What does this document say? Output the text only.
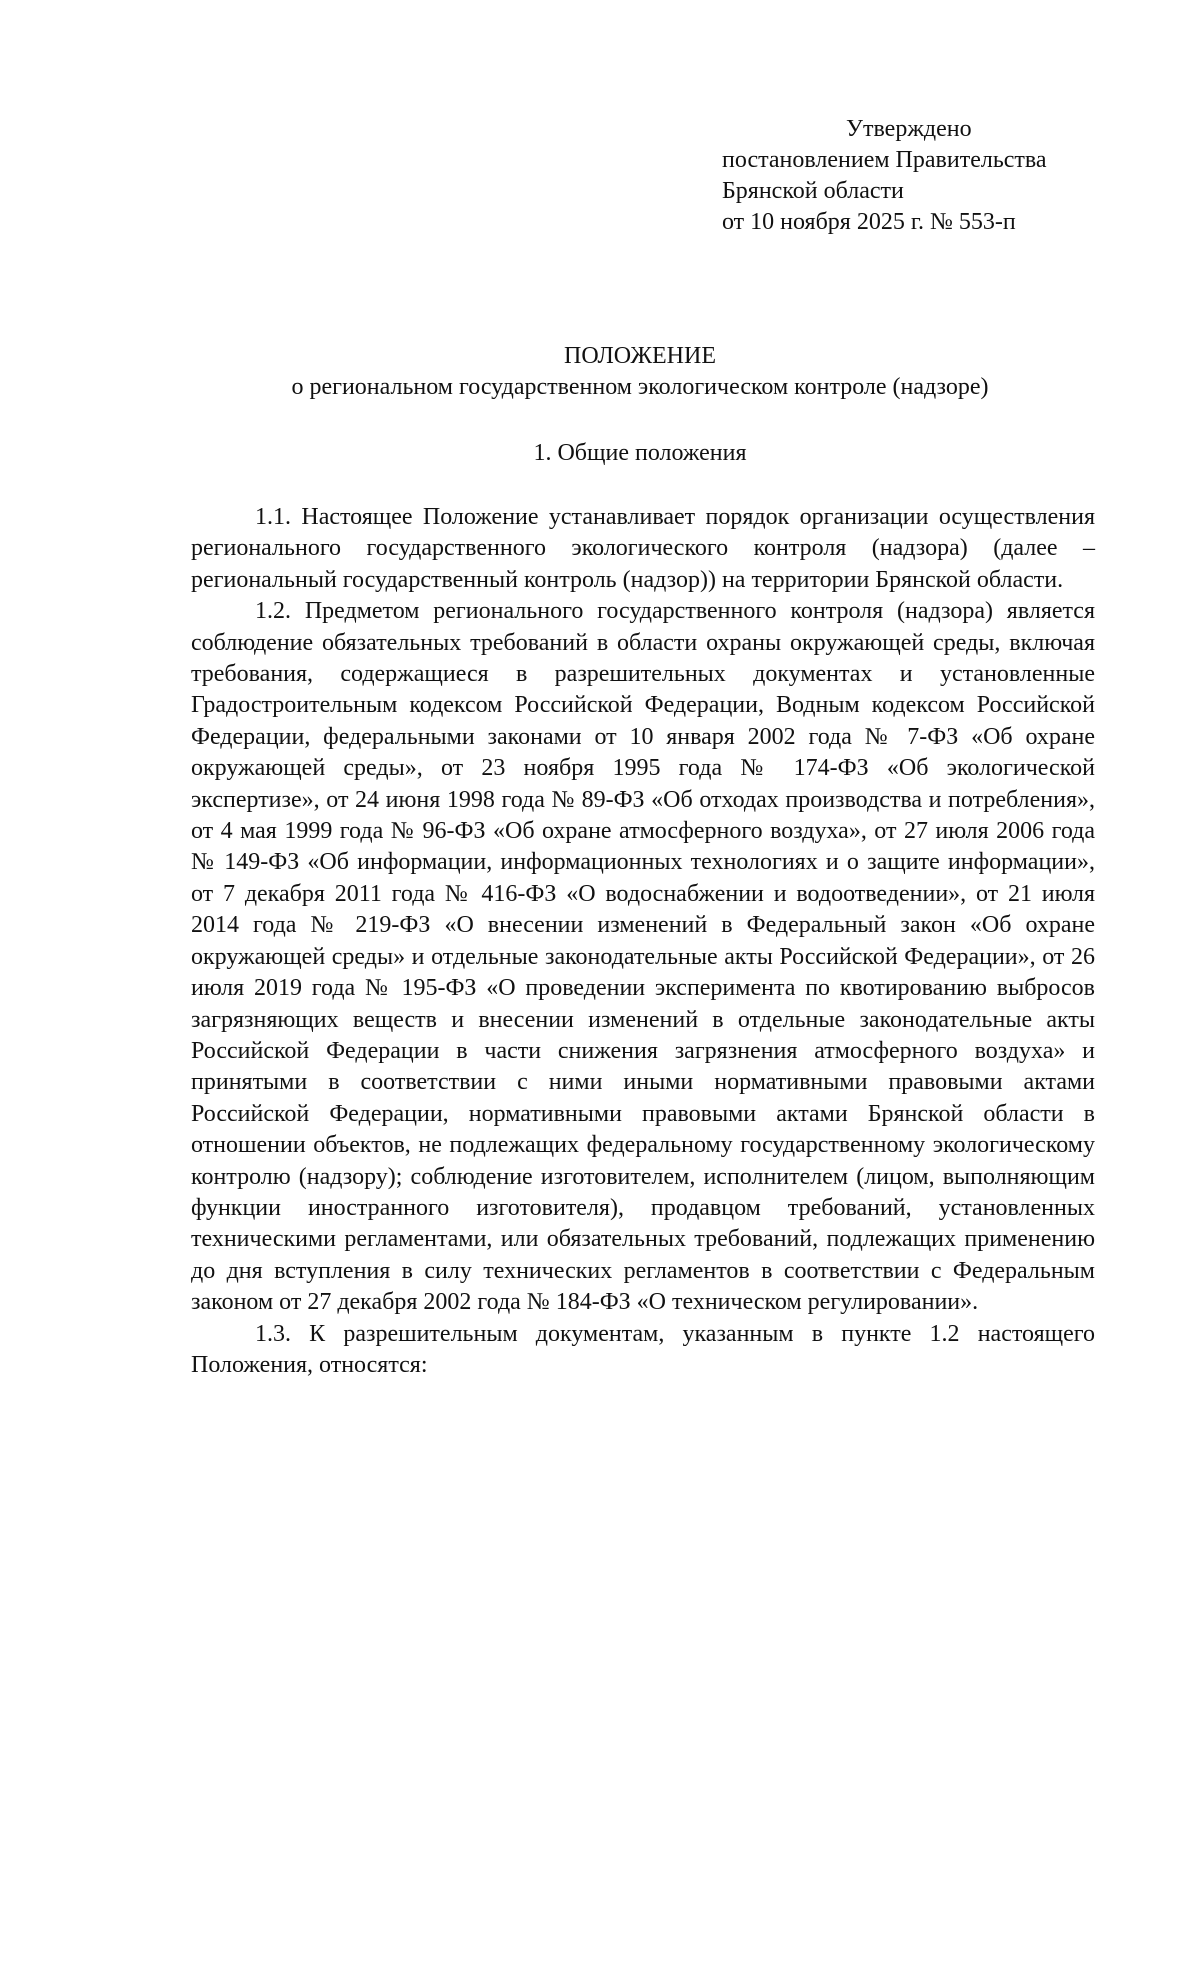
Утверждено
постановлением Правительства
Брянской области
от 10 ноября 2025 г. № 553-п
ПОЛОЖЕНИЕ
о региональном государственном экологическом контроле (надзоре)
1. Общие положения

1.1. Настоящее Положение устанавливает порядок организации осуществления регионального государственного экологического контроля (надзора) (далее – региональный государственный контроль (надзор)) на территории Брянской области.

1.2. Предметом регионального государственного контроля (надзора) является соблюдение обязательных требований в области охраны окружающей среды, включая требования, содержащиеся в разрешительных документах и установленные Градостроительным кодексом Российской Федерации, Водным кодексом Российской Федерации, федеральными законами от 10 января 2002 года № 7-ФЗ «Об охране окружающей среды», от 23 ноября 1995 года № 174-ФЗ «Об экологической экспертизе», от 24 июня 1998 года № 89-ФЗ «Об отходах производства и потребления», от 4 мая 1999 года № 96-ФЗ «Об охране атмосферного воздуха», от 27 июля 2006 года № 149-ФЗ «Об информации, информационных технологиях и о защите информации», от 7 декабря 2011 года № 416-ФЗ «О водоснабжении и водоотведении», от 21 июля 2014 года № 219-ФЗ «О внесении изменений в Федеральный закон «Об охране окружающей среды» и отдельные законодательные акты Российской Федерации», от 26 июля 2019 года № 195-ФЗ «О проведении эксперимента по квотированию выбросов загрязняющих веществ и внесении изменений в отдельные законодательные акты Российской Федерации в части снижения загрязнения атмосферного воздуха» и принятыми в соответствии с ними иными нормативными правовыми актами Российской Федерации, нормативными правовыми актами Брянской области в отношении объектов, не подлежащих федеральному государственному экологическому контролю (надзору); соблюдение изготовителем, исполнителем (лицом, выполняющим функции иностранного изготовителя), продавцом требований, установленных техническими регламентами, или обязательных требований, подлежащих применению до дня вступления в силу технических регламентов в соответствии с Федеральным законом от 27 декабря 2002 года № 184-ФЗ «О техническом регулировании».

1.3. К разрешительным документам, указанным в пункте 1.2 настоящего Положения, относятся:
